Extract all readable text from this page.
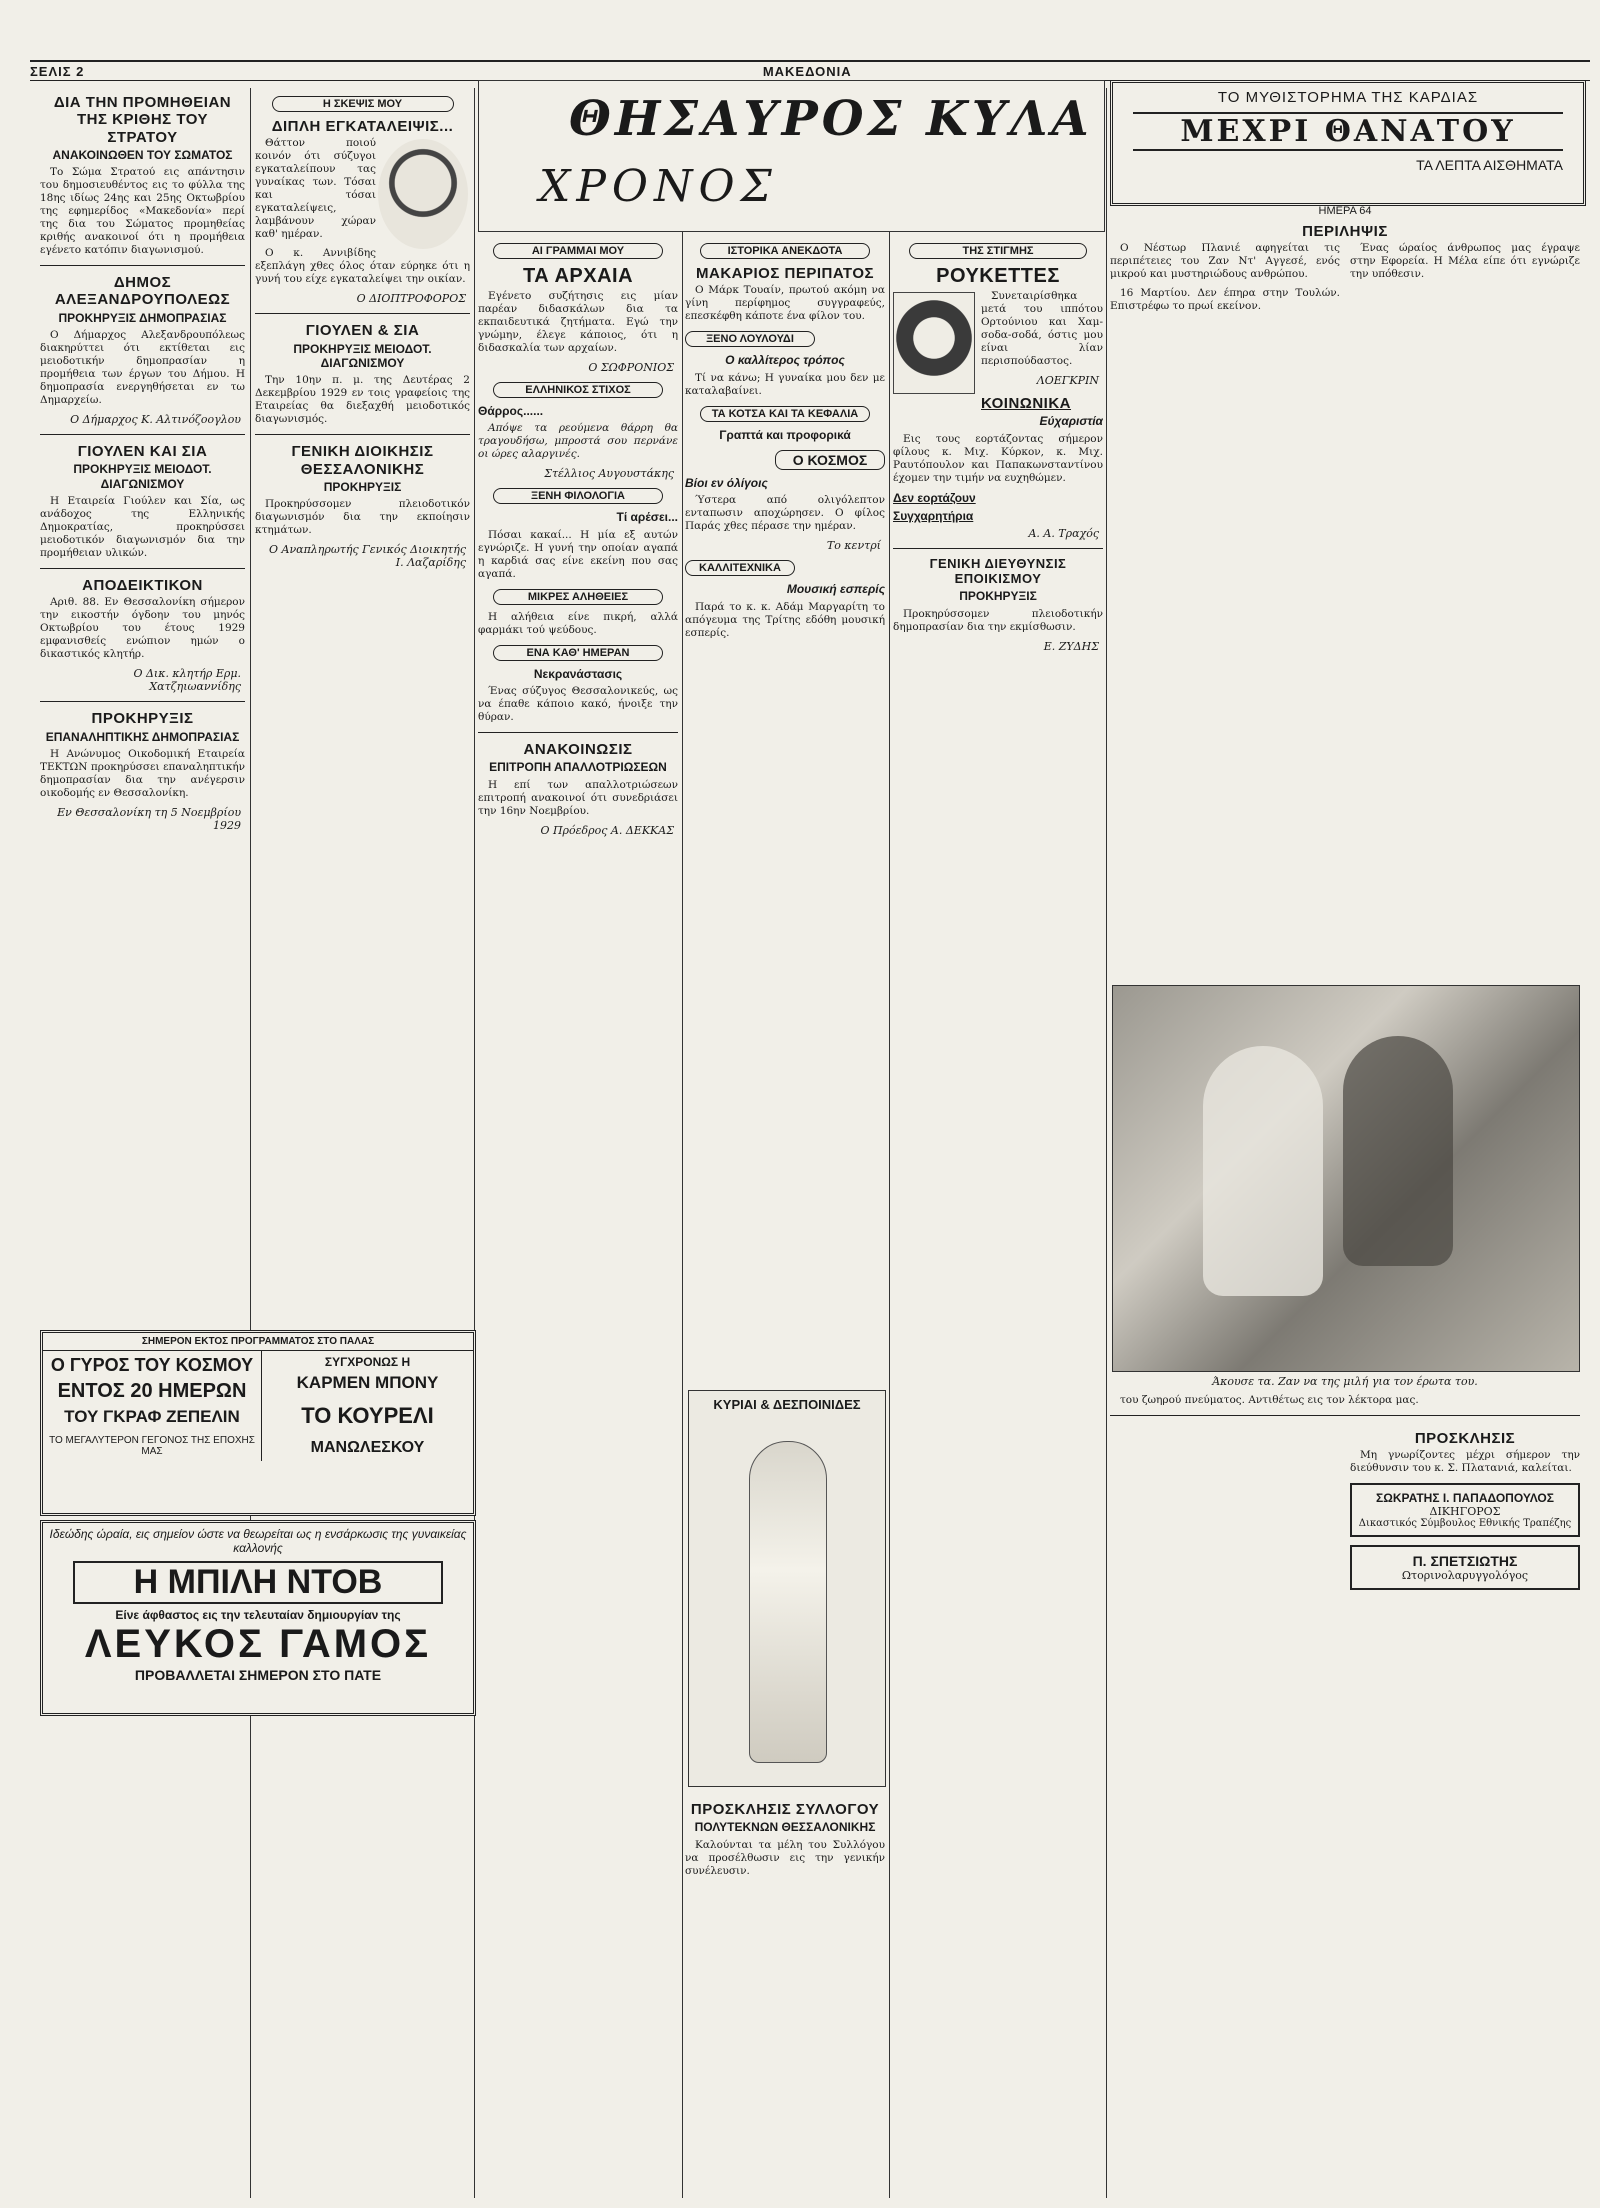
ΣΕΛΙΣ 2	ΜΑΚΕΔΟΝΙΑ
ΔΙΑ ΤΗΝ ΠΡΟΜΗΘΕΙΑΝ ΤΗΣ ΚΡΙΘΗΣ ΤΟΥ ΣΤΡΑΤΟΥ
ΑΝΑΚΟΙΝΩΘΕΝ ΤΟΥ ΣΩΜΑΤΟΣ

Το Σώμα Στρατού εις απάντησιν του δημοσιευθέντος εις το φύλλα της 18ης ιδίως 24ης και 25ης Οκτωβρίου της εφημερίδος «Μακεδονία» περί της δια του Σώματος προμηθείας κριθής ανακοινοί ότι η προμήθεια εγένετο κατόπιν διαγωνισμού.

ΔΗΜΟΣ ΑΛΕΞΑΝΔΡΟΥΠΟΛΕΩΣ
ΠΡΟΚΗΡΥΞΙΣ ΔΗΜΟΠΡΑΣΙΑΣ

Ο Δήμαρχος Αλεξανδρουπόλεως διακηρύττει ότι εκτίθεται εις μειοδοτικήν δημοπρασίαν η προμήθεια των έργων του Δήμου. Η δημοπρασία ενεργηθήσεται εν τω Δημαρχείω.

Ο Δήμαρχος Κ. Αλτινόζοογλου
ΓΙΟΥΛΕΝ ΚΑΙ ΣΙΑ
ΠΡΟΚΗΡΥΞΙΣ ΜΕΙΟΔΟΤ. ΔΙΑΓΩΝΙΣΜΟΥ

Η Εταιρεία Γιούλεν και Σία, ως ανάδοχος της Ελληνικής Δημοκρατίας, προκηρύσσει μειοδοτικόν διαγωνισμόν δια την προμήθειαν υλικών.

ΑΠΟΔΕΙΚΤΙΚΟΝ

Αριθ. 88. Εν Θεσσαλονίκη σήμερον την εικοστήν όγδοην του μηνός Οκτωβρίου του έτους 1929 εμφανισθείς ενώπιον ημών ο δικαστικός κλητήρ.

Ο Δικ. κλητήρ Ερμ. Χατζηιωαννίδης
ΠΡΟΚΗΡΥΞΙΣ
ΕΠΑΝΑΛΗΠΤΙΚΗΣ ΔΗΜΟΠΡΑΣΙΑΣ

Η Ανώνυμος Οικοδομική Εταιρεία ΤΕΚΤΩΝ προκηρύσσει επαναληπτικήν δημοπρασίαν δια την ανέγερσιν οικοδομής εν Θεσσαλονίκη.

Εν Θεσσαλονίκη τη 5 Νοεμβρίου 1929
ΣΗΜΕΡΟΝ ΕΚΤΟΣ ΠΡΟΓΡΑΜΜΑΤΟΣ ΣΤΟ ΠΑΛΑΣ
Ο ΓΥΡΟΣ ΤΟΥ ΚΟΣΜΟΥ
ΕΝΤΟΣ 20 ΗΜΕΡΩΝ
ΤΟΥ ΓΚΡΑΦ ΖΕΠΕΛΙΝ
ΤΟ ΜΕΓΑΛΥΤΕΡΟΝ ΓΕΓΟΝΟΣ ΤΗΣ ΕΠΟΧΗΣ ΜΑΣ
ΣΥΓΧΡΟΝΩΣ Η
ΚΑΡΜΕΝ ΜΠΟΝΥ
ΤΟ ΚΟΥΡΕΛΙ
ΜΑΝΩΛΕΣΚΟΥ
Ιδεώδης ώραία, εις σημείον ώστε να θεωρείται ως η ενσάρκωσις της γυναικείας καλλονής
Η ΜΠΙΛΗ ΝΤΟΒ
Είνε άφθαστος εις την τελευταίαν δημιουργίαν της
ΛΕΥΚΟΣ ΓΑΜΟΣ
ΠΡΟΒΑΛΛΕΤΑΙ ΣΗΜΕΡΟΝ ΣΤΟ ΠΑΤΕ
Η ΣΚΕΨΙΣ ΜΟΥ
ΔΙΠΛΗ ΕΓΚΑΤΑΛΕΙΨΙΣ...

Θάττον ποιού κοινόν ότι σύζυγοι εγκαταλείπουν τας γυναίκας των. Τόσαι και τόσαι εγκαταλείψεις, λαμβάνουν χώραν καθ' ημέραν.

Ο κ. Αννιβίδης εξεπλάγη χθες όλος όταν εύρηκε ότι η γυνή του είχε εγκαταλείψει την οικίαν.

Ο ΔΙΟΠΤΡΟΦΟΡΟΣ
ΓΙΟΥΛΕΝ & ΣΙΑ
ΠΡΟΚΗΡΥΞΙΣ ΜΕΙΟΔΟΤ. ΔΙΑΓΩΝΙΣΜΟΥ

Την 10ην π. μ. της Δευτέρας 2 Δεκεμβρίου 1929 εν τοις γραφείοις της Εταιρείας θα διεξαχθή μειοδοτικός διαγωνισμός.

ΓΕΝΙΚΗ ΔΙΟΙΚΗΣΙΣ ΘΕΣΣΑΛΟΝΙΚΗΣ
ΠΡΟΚΗΡΥΞΙΣ

Προκηρύσσομεν πλειοδοτικόν διαγωνισμόν δια την εκποίησιν κτημάτων.

Ο Αναπληρωτής Γενικός Διοικητής Ι. Λαζαρίδης
ΘΗΣΑΥΡΟΣ ΚΥΛΑ
ΧΡΟΝΟΣ
ΑΙ ΓΡΑΜΜΑΙ ΜΟΥ
ΤΑ ΑΡΧΑΙΑ

Εγένετο συζήτησις εις μίαν παρέαν διδασκάλων δια τα εκπαιδευτικά ζητήματα. Εγώ την γνώμην, έλεγε κάποιος, ότι η διδασκαλία των αρχαίων.

Ο ΣΩΦΡΟΝΙΟΣ
ΕΛΛΗΝΙΚΟΣ ΣΤΙΧΟΣ
Θάρρος......

Απόψε τα ρεούμενα θάρρη θα τραγουδήσω, μπροστά σου περνάνε οι ώρες αλαργινές.

Στέλλιος Αυγουστάκης
ΞΕΝΗ ΦΙΛΟΛΟΓΙΑ
Τί αρέσει...

Πόσαι κακαί... Η μία εξ αυτών εγνώριζε. Η γυνή την οποίαν αγαπά η καρδιά σας είνε εκείνη που σας αγαπά.

ΜΙΚΡΕΣ ΑΛΗΘΕΙΕΣ

Η αλήθεια είνε πικρή, αλλά φαρμάκι τού ψεύδους.

ΕΝΑ ΚΑΘ' ΗΜΕΡΑΝ
Νεκρανάστασις

Ένας σύζυγος Θεσσαλονικεύς, ως να έπαθε κάποιο κακό, ήνοιξε την θύραν.

ΑΝΑΚΟΙΝΩΣΙΣ
ΕΠΙΤΡΟΠΗ ΑΠΑΛΛΟΤΡΙΩΣΕΩΝ

Η επί των απαλλοτριώσεων επιτροπή ανακοινοί ότι συνεδριάσει την 16ην Νοεμβρίου.

Ο Πρόεδρος Α. ΔΕΚΚΑΣ
ΙΣΤΟΡΙΚΑ ΑΝΕΚΔΟΤΑ
ΜΑΚΑΡΙΟΣ ΠΕΡΙΠΑΤΟΣ

Ο Μάρκ Τουαίν, πρωτού ακόμη να γίνη περίφημος συγγραφεύς, επεσκέφθη κάποτε ένα φίλον του.

ΞΕΝΟ ΛΟΥΛΟΥΔΙ
Ο καλλίτερος τρόπος

Τί να κάνω; Η γυναίκα μου δεν με καταλαβαίνει.

ΤΑ ΚΟΤΣΑ ΚΑΙ ΤΑ ΚΕΦΑΛΙΑ
Γραπτά και προφορικά
Ο ΚΟΣΜΟΣ
Βίοι εν όλίγοις

Ύστερα από ολιγόλεπτον ενταπωσιν αποχώρησεν. Ο φίλος Παράς χθες πέρασε την ημέραν.

Το κεντρί
ΚΑΛΛΙΤΕΧΝΙΚΑ
Μουσική εσπερίς

Παρά το κ. κ. Αδάμ Μαργαρίτη το απόγευμα της Τρίτης εδόθη μουσική εσπερίς.

ΚΥΡΙΑΙ & ΔΕΣΠΟΙΝΙΔΕΣ
ΠΡΟΣΚΛΗΣΙΣ ΣΥΛΛΟΓΟΥ
ΠΟΛΥΤΕΚΝΩΝ ΘΕΣΣΑΛΟΝΙΚΗΣ

Καλούνται τα μέλη του Συλλόγου να προσέλθωσιν εις την γενικήν συνέλευσιν.

ΤΗΣ ΣΤΙΓΜΗΣ
ΡΟΥΚΕΤΤΕΣ

Συνεταιρίσθηκα μετά του ιππότου Ορτούνιου και Χαμ-σοδα-σοδά, όστις μου είναι λίαν περισπούδαστος.

ΛΟΕΓΚΡΙΝ
ΚΟΙΝΩΝΙΚΑ
Εύχαριστία

Εις τους εορτάζοντας σήμερον φίλους κ. Μιχ. Κύρκον, κ. Μιχ. Ραυτόπουλον και Παπακωνσταντίνου έχομεν την τιμήν να ευχηθώμεν.

Δεν εορτάζουν
Συγχαρητήρια
Α. Α. Τραχός
ΓΕΝΙΚΗ ΔΙΕΥΘΥΝΣΙΣ ΕΠΟΙΚΙΣΜΟΥ
ΠΡΟΚΗΡΥΞΙΣ

Προκηρύσσομεν πλειοδοτικήν δημοπρασίαν δια την εκμίσθωσιν.

Ε. ΖΥΔΗΣ
ΤΟ ΜΥΘΙΣΤΟΡΗΜΑ ΤΗΣ ΚΑΡΔΙΑΣ
ΜΕΧΡΙ ΘΑΝΑΤΟΥ
ΤΑ ΛΕΠΤΑ ΑΙΣΘΗΜΑΤΑ
ΗΜΕΡΑ 64
ΠΕΡΙΛΗΨΙΣ

Ο Νέστωρ Πλανιέ αφηγείται τις περιπέτειες του Ζαν Ντ' Αγγεσέ, ενός μικρού και μυστηριώδους ανθρώπου.

16 Μαρτίου. Δεν έπηρα στην Τουλών. Επιστρέφω το πρωί εκείνον.

Ένας ώραίος άνθρωπος μας έγραψε στην Εφορεία. Η Μέλα είπε ότι εγνώριζε την υπόθεσιν.

Άκουσε τα. Ζαν να της μιλή για τον έρωτα του.

του ζωηρού πνεύματος. Αντιθέτως εις τον λέκτορα μας.

ΠΡΟΣΚΛΗΣΙΣ

Μη γνωρίζοντες μέχρι σήμερον την διεύθυνσιν του κ. Σ. Πλατανιά, καλείται.

ΣΩΚΡΑΤΗΣ Ι. ΠΑΠΑΔΟΠΟΥΛΟΣ
ΔΙΚΗΓΟΡΟΣ
Δικαστικός Σύμβουλος Εθνικής Τραπέζης
Π. ΣΠΕΤΣΙΩΤΗΣ
Ωτορινολαρυγγολόγος
